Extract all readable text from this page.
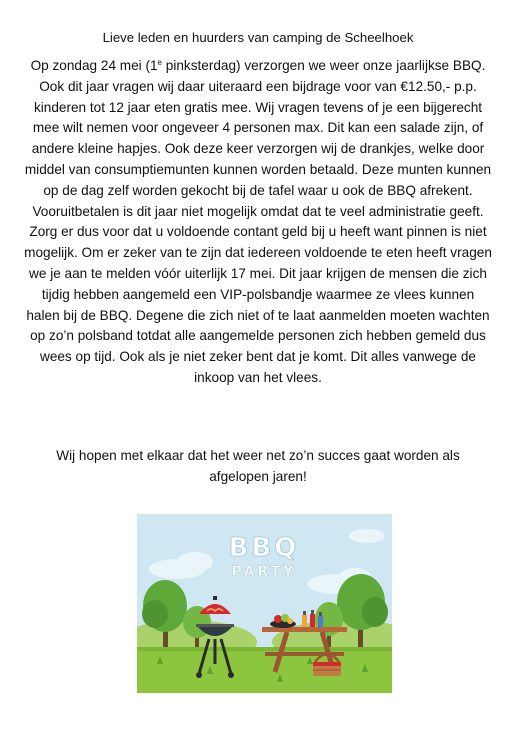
Lieve leden en huurders van camping de Scheelhoek
Op zondag 24 mei (1e pinksterdag) verzorgen we weer onze jaarlijkse BBQ. Ook dit jaar vragen wij daar uiteraard een bijdrage voor van €12.50,- p.p. kinderen tot 12 jaar eten gratis mee. Wij vragen tevens of je een bijgerecht mee wilt nemen voor ongeveer 4 personen max. Dit kan een salade zijn, of andere kleine hapjes. Ook deze keer verzorgen wij de drankjes, welke door middel van consumptiemunten kunnen worden betaald. Deze munten kunnen op de dag zelf worden gekocht bij de tafel waar u ook de BBQ afrekent. Vooruitbetalen is dit jaar niet mogelijk omdat dat te veel administratie geeft. Zorg er dus voor dat u voldoende contant geld bij u heeft want pinnen is niet mogelijk. Om er zeker van te zijn dat iedereen voldoende te eten heeft vragen we je aan te melden vóór uiterlijk 17 mei. Dit jaar krijgen de mensen die zich tijdig hebben aangemeld een VIP-polsbandje waarmee ze vlees kunnen halen bij de BBQ. Degene die zich niet of te laat aanmelden moeten wachten op zo’n polsband totdat alle aangemelde personen zich hebben gemeld dus wees op tijd. Ook als je niet zeker bent dat je komt. Dit alles vanwege de inkoop van het vlees.
Wij hopen met elkaar dat het weer net zo’n succes gaat worden als afgelopen jaren!
BBQ
PARTY
